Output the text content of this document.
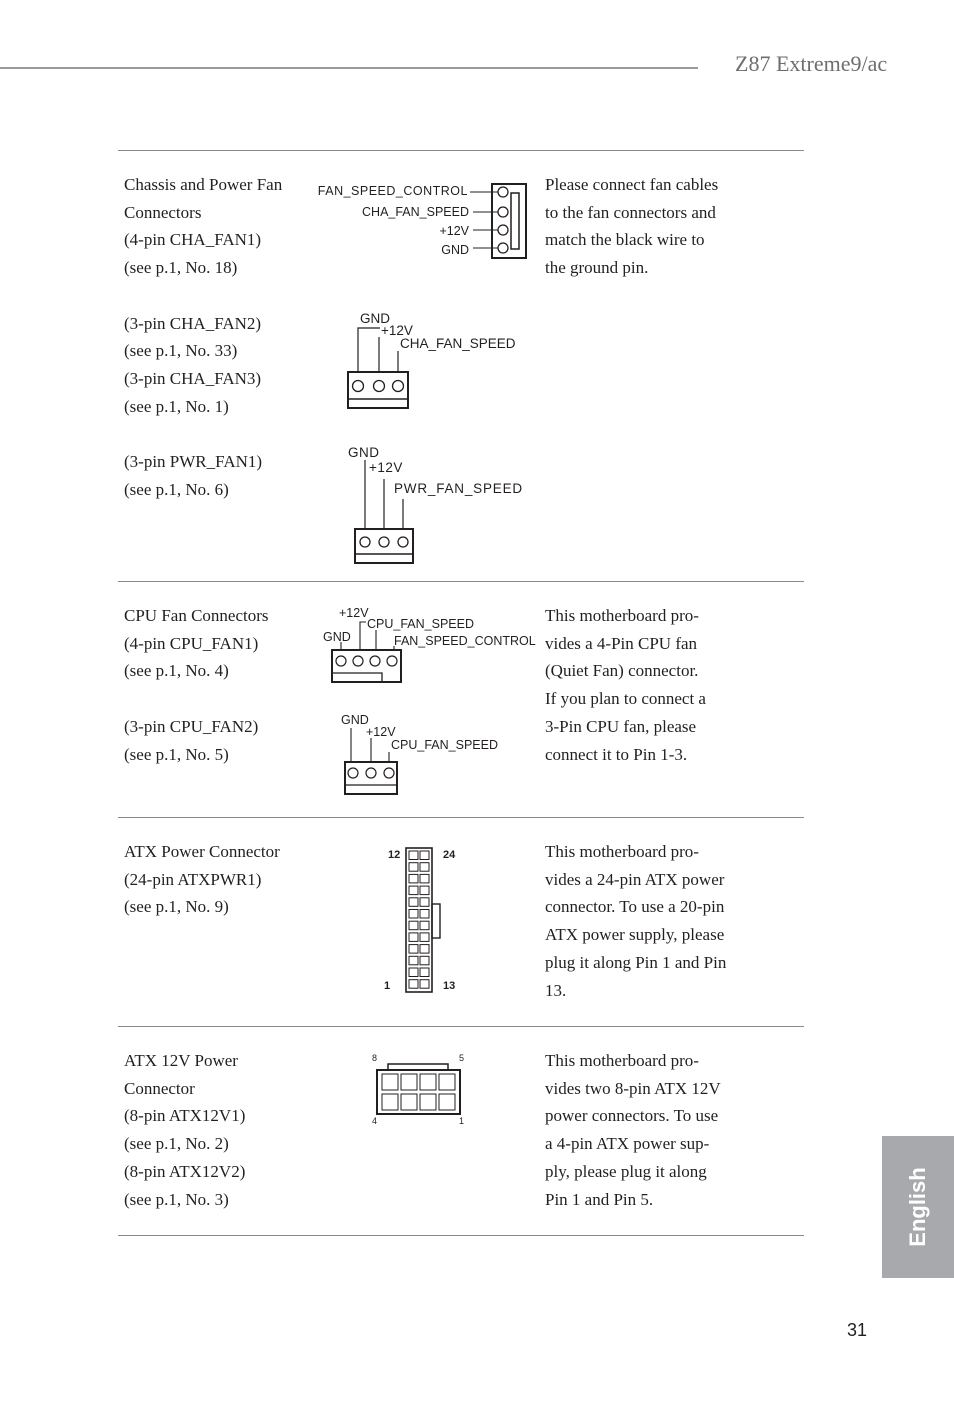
Z87 Extreme9/ac
Chassis and Power Fan
Connectors
(4-pin CHA_FAN1)
(see p.1, No. 18)

(3-pin CHA_FAN2)
(see p.1, No. 33)
(3-pin CHA_FAN3)
(see p.1, No. 1)

(3-pin PWR_FAN1)
(see p.1, No. 6)
Please connect fan cables
to the fan connectors and
match the black wire to
the ground pin.
FAN_SPEED_CONTROL
CHA_FAN_SPEED
+12V
GND
GND
+12V
CHA_FAN_SPEED
GND
+12V
PWR_FAN_SPEED
CPU Fan Connectors
(4-pin CPU_FAN1)
(see p.1, No. 4)

(3-pin CPU_FAN2)
(see p.1, No. 5)
This motherboard pro-
vides a 4-Pin CPU fan
(Quiet Fan) connector.
If you plan to connect a
3-Pin CPU fan, please
connect it to Pin 1-3.
+12V
CPU_FAN_SPEED
GND	FAN_SPEED_CONTROL
GND
+12V
CPU_FAN_SPEED
ATX Power Connector
(24-pin ATXPWR1)
(see p.1, No. 9)
This motherboard pro-
vides a 24-pin ATX power
connector. To use a 20-pin
ATX power supply, please
plug it along Pin 1 and Pin
13.
12	24
1	13
ATX 12V Power
Connector
(8-pin ATX12V1)
(see p.1, No. 2)
(8-pin ATX12V2)
(see p.1, No. 3)
This motherboard pro-
vides two 8-pin ATX 12V
power connectors. To use
a 4-pin ATX power sup-
ply, please plug it along
Pin 1 and Pin 5.
8	5
4	1
English
31
